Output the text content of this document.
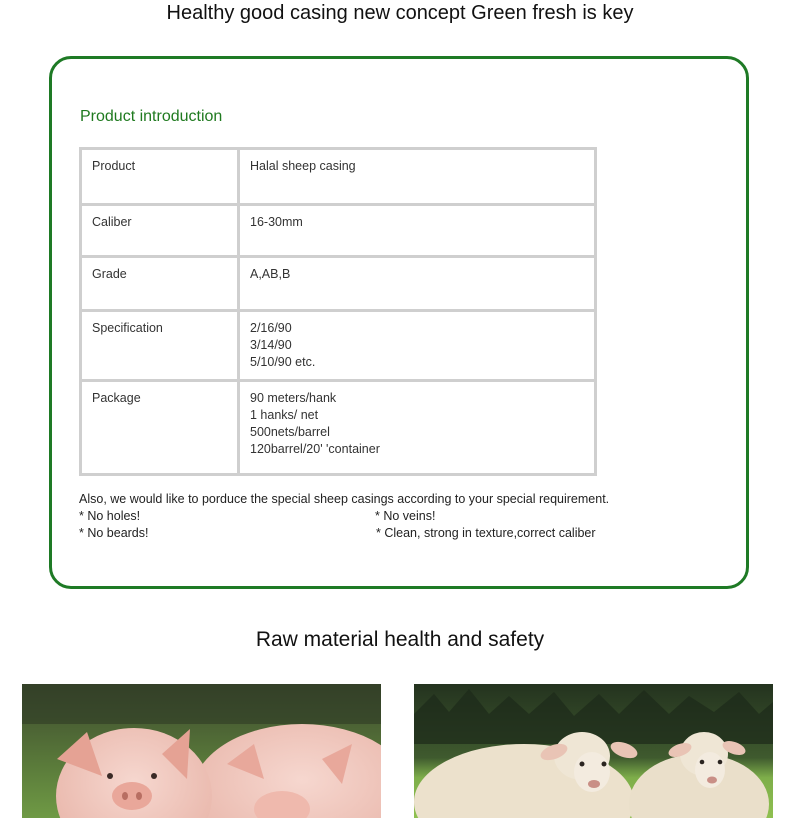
Healthy good casing new concept Green fresh is key
Product introduction
Product	Halal sheep casing

Caliber	16-30mm

Grade	A,AB,B

Specification	2/16/90
3/14/90
5/10/90 etc.

Package	90 meters/hank
1 hanks/ net
500nets/barrel
120barrel/20' 'container
Also, we would like to porduce the special sheep casings according to your special requirement.
* No holes!	* No veins!
* No beards!	* Clean, strong in texture,correct caliber
Raw material health and safety
